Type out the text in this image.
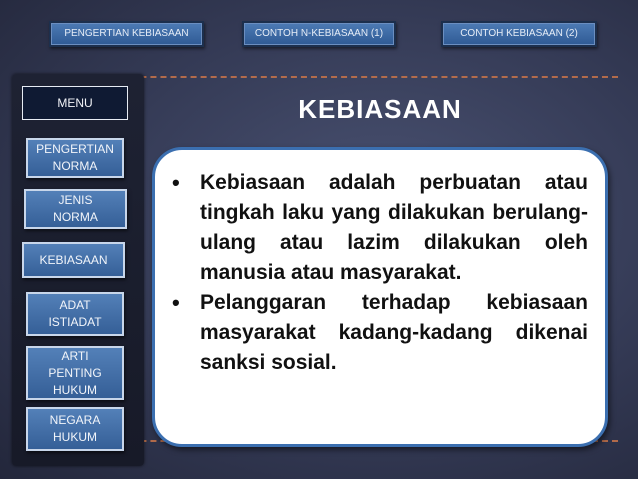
PENGERTIAN KEBIASAAN	CONTOH N-KEBIASAAN (1)	CONTOH KEBIASAAN (2)
MENU
PENGERTIAN
NORMA
JENIS
NORMA
KEBIASAAN
ADAT
ISTIADAT
ARTI
PENTING
HUKUM
NEGARA
HUKUM
KEBIASAAN
• Kebiasaan adalah perbuatan atau tingkah laku yang dilakukan berulang-ulang atau lazim dilakukan oleh manusia atau masyarakat.
• Pelanggaran terhadap kebiasaan masyarakat kadang-kadang dikenai sanksi sosial.
